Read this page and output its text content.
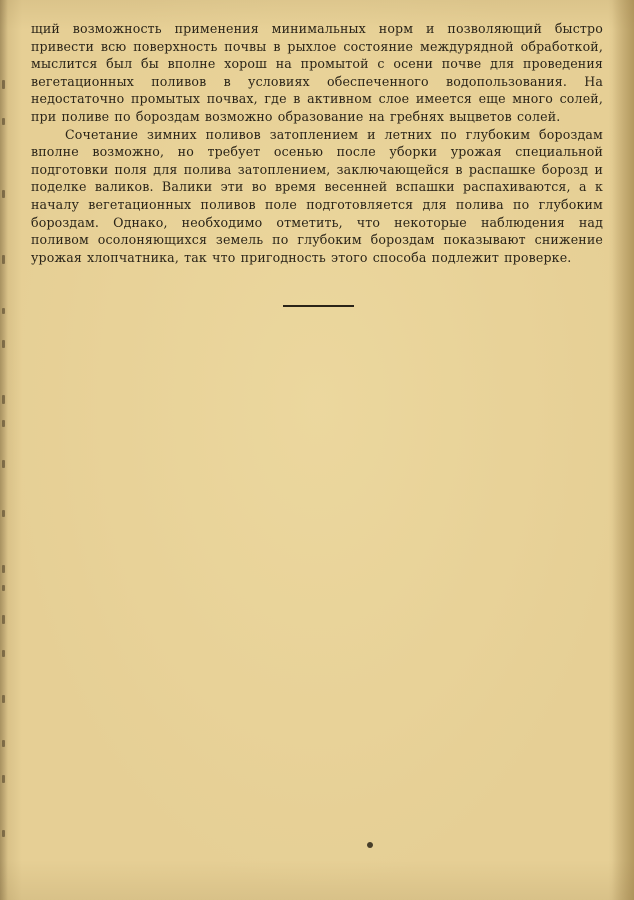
щий возможность применения минимальных норм и позволяющий быстро привести всю поверхность почвы в рыхлое состояние междурядной обработкой, мыслится был бы вполне хорош на промытой с осени почве для проведения вегетационных поливов в условиях обеспеченного водопользования. На недостаточно промытых почвах, где в активном слое имеется еще много солей, при поливе по бороздам возможно образование на гребнях выцветов солей.

Сочетание зимних поливов затоплением и летних по глубоким бороздам вполне возможно, но требует осенью после уборки урожая специальной подготовки поля для полива затоплением, заключающейся в распашке борозд и поделке валиков. Валики эти во время весенней вспашки распахиваются, а к началу вегетационных поливов поле подготовляется для полива по глубоким бороздам. Однако, необходимо отметить, что некоторые наблюдения над поливом осолоняющихся земель по глубоким бороздам показывают снижение урожая хлопчатника, так что пригодность этого способа подлежит проверке.
